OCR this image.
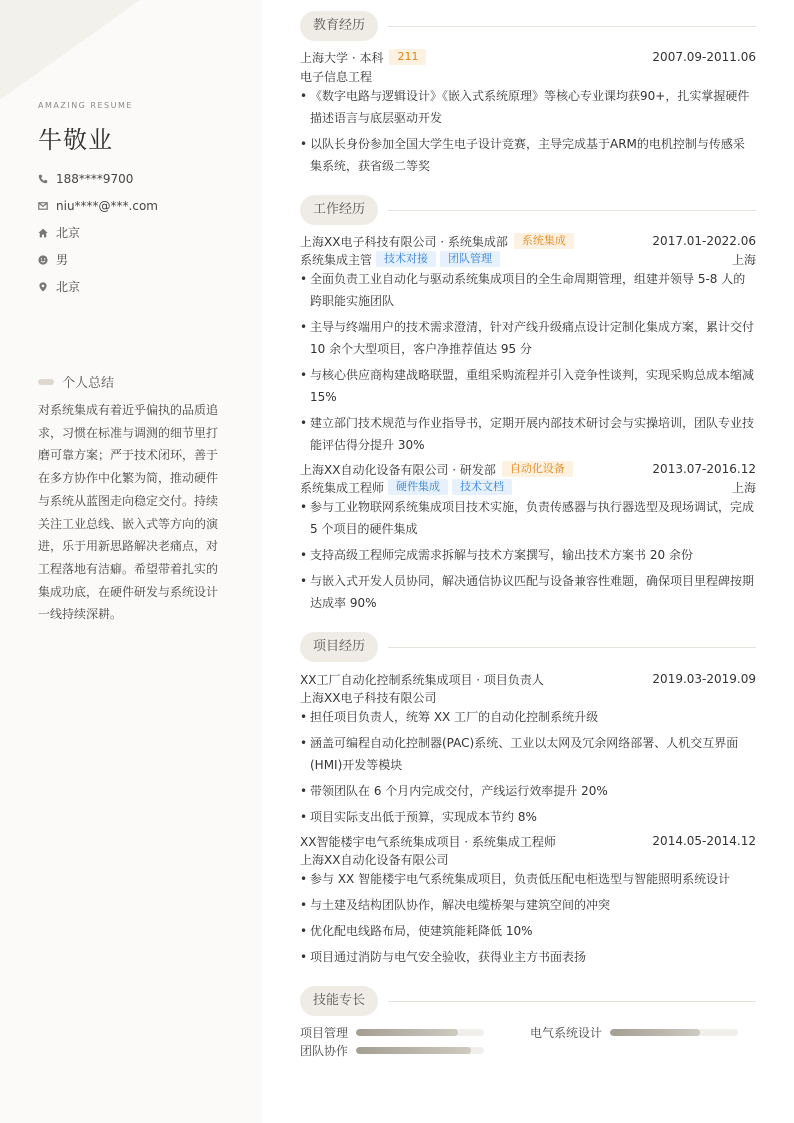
AMAZING RESUME
牛敬业
188****9700
niu****@***.com
北京
男
北京
个人总结
对系统集成有着近乎偏执的品质追求，习惯在标准与调测的细节里打磨可靠方案；严于技术闭环，善于在多方协作中化繁为简，推动硬件与系统从蓝图走向稳定交付。持续关注工业总线、嵌入式等方向的演进，乐于用新思路解决老痛点，对工程落地有洁癖。希望带着扎实的集成功底，在硬件研发与系统设计一线持续深耕。
教育经历
上海大学 · 本科	211	2007.09-2011.06
电子信息工程
• 《数字电路与逻辑设计》《嵌入式系统原理》等核心专业课均获90+，扎实掌握硬件描述语言与底层驱动开发
• 以队长身份参加全国大学生电子设计竞赛，主导完成基于ARM的电机控制与传感采集系统，获省级二等奖
工作经历
上海XX电子科技有限公司 · 系统集成部	系统集成	2017.01-2022.06
系统集成主管	技术对接	团队管理	上海
• 全面负责工业自动化与驱动系统集成项目的全生命周期管理，组建并领导 5-8 人的跨职能实施团队
• 主导与终端用户的技术需求澄清，针对产线升级痛点设计定制化集成方案，累计交付 10 余个大型项目，客户净推荐值达 95 分
• 与核心供应商构建战略联盟，重组采购流程并引入竞争性谈判，实现采购总成本缩减 15%
• 建立部门技术规范与作业指导书，定期开展内部技术研讨会与实操培训，团队专业技能评估得分提升 30%
上海XX自动化设备有限公司 · 研发部	自动化设备	2013.07-2016.12
系统集成工程师	硬件集成	技术文档	上海
• 参与工业物联网系统集成项目技术实施，负责传感器与执行器选型及现场调试，完成 5 个项目的硬件集成
• 支持高级工程师完成需求拆解与技术方案撰写，输出技术方案书 20 余份
• 与嵌入式开发人员协同，解决通信协议匹配与设备兼容性难题，确保项目里程碑按期达成率 90%
项目经历
XX工厂自动化控制系统集成项目 · 项目负责人	2019.03-2019.09
上海XX电子科技有限公司
• 担任项目负责人，统筹 XX 工厂的自动化控制系统升级
• 涵盖可编程自动化控制器(PAC)系统、工业以太网及冗余网络部署、人机交互界面(HMI)开发等模块
• 带领团队在 6 个月内完成交付，产线运行效率提升 20%
• 项目实际支出低于预算，实现成本节约 8%
XX智能楼宇电气系统集成项目 · 系统集成工程师	2014.05-2014.12
上海XX自动化设备有限公司
• 参与 XX 智能楼宇电气系统集成项目，负责低压配电柜选型与智能照明系统设计
• 与土建及结构团队协作，解决电缆桥架与建筑空间的冲突
• 优化配电线路布局，使建筑能耗降低 10%
• 项目通过消防与电气安全验收，获得业主方书面表扬
技能专长
项目管理	电气系统设计
团队协作
